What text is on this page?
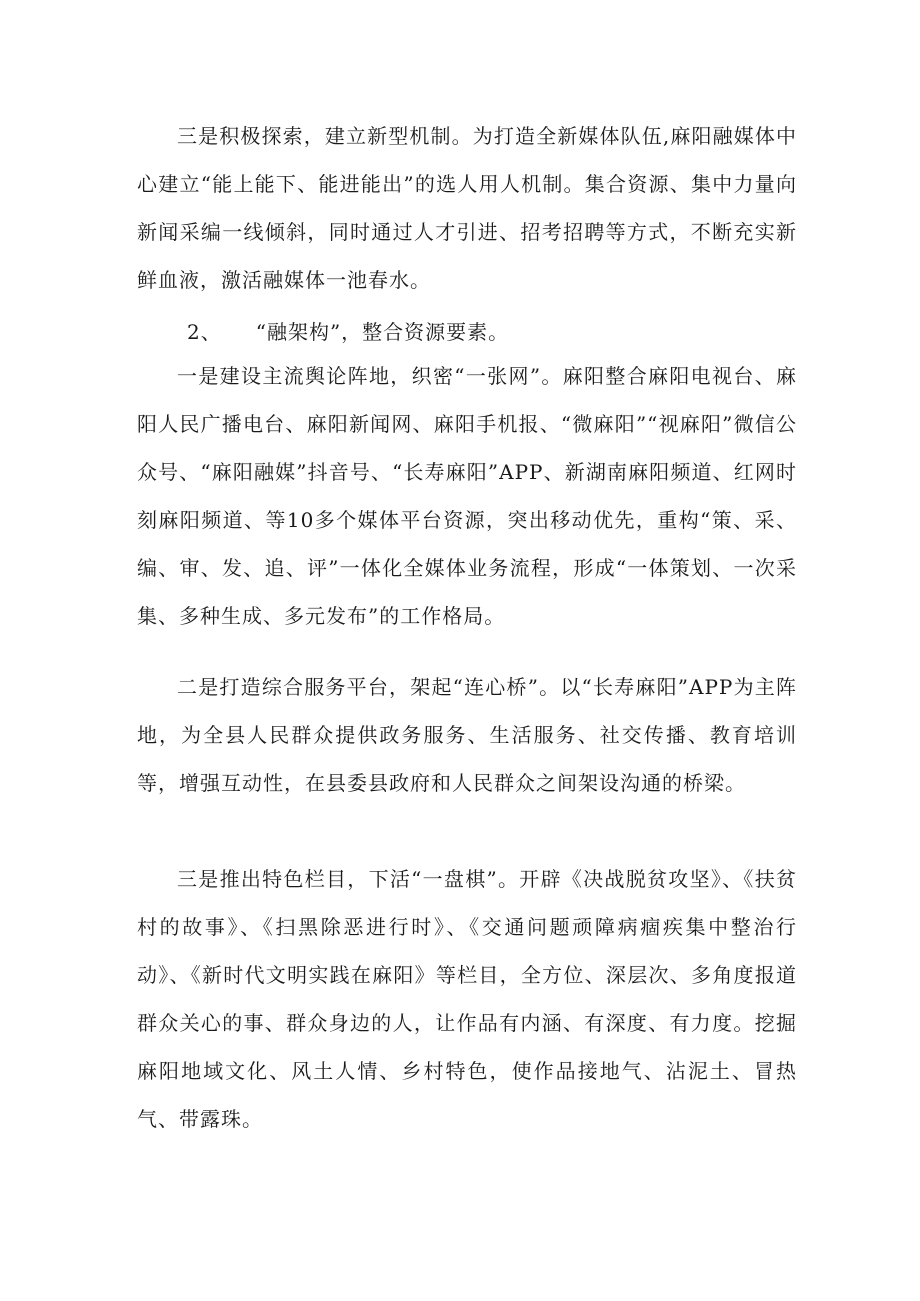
三是积极探索，建立新型机制。为打造全新媒体队伍,麻阳融媒体中心建立“能上能下、能进能出”的选人用人机制。集合资源、集中力量向新闻采编一线倾斜，同时通过人才引进、招考招聘等方式，不断充实新鲜血液，激活融媒体一池春水。

2、 “融架构”，整合资源要素。

一是建设主流舆论阵地，织密“一张网”。麻阳整合麻阳电视台、麻阳人民广播电台、麻阳新闻网、麻阳手机报、“微麻阳”“视麻阳”微信公众号、“麻阳融媒”抖音号、“长寿麻阳”APP、新湖南麻阳频道、红网时刻麻阳频道、等10多个媒体平台资源，突出移动优先，重构“策、采、编、审、发、追、评”一体化全媒体业务流程，形成“一体策划、一次采集、多种生成、多元发布”的工作格局。

二是打造综合服务平台，架起“连心桥”。以“长寿麻阳”APP为主阵地，为全县人民群众提供政务服务、生活服务、社交传播、教育培训等，增强互动性，在县委县政府和人民群众之间架设沟通的桥梁。

三是推出特色栏目，下活“一盘棋”。开辟《决战脱贫攻坚》、《扶贫村的故事》、《扫黑除恶进行时》、《交通问题顽障病痼疾集中整治行动》、《新时代文明实践在麻阳》等栏目，全方位、深层次、多角度报道群众关心的事、群众身边的人，让作品有内涵、有深度、有力度。挖掘麻阳地域文化、风土人情、乡村特色，使作品接地气、沾泥土、冒热气、带露珠。
